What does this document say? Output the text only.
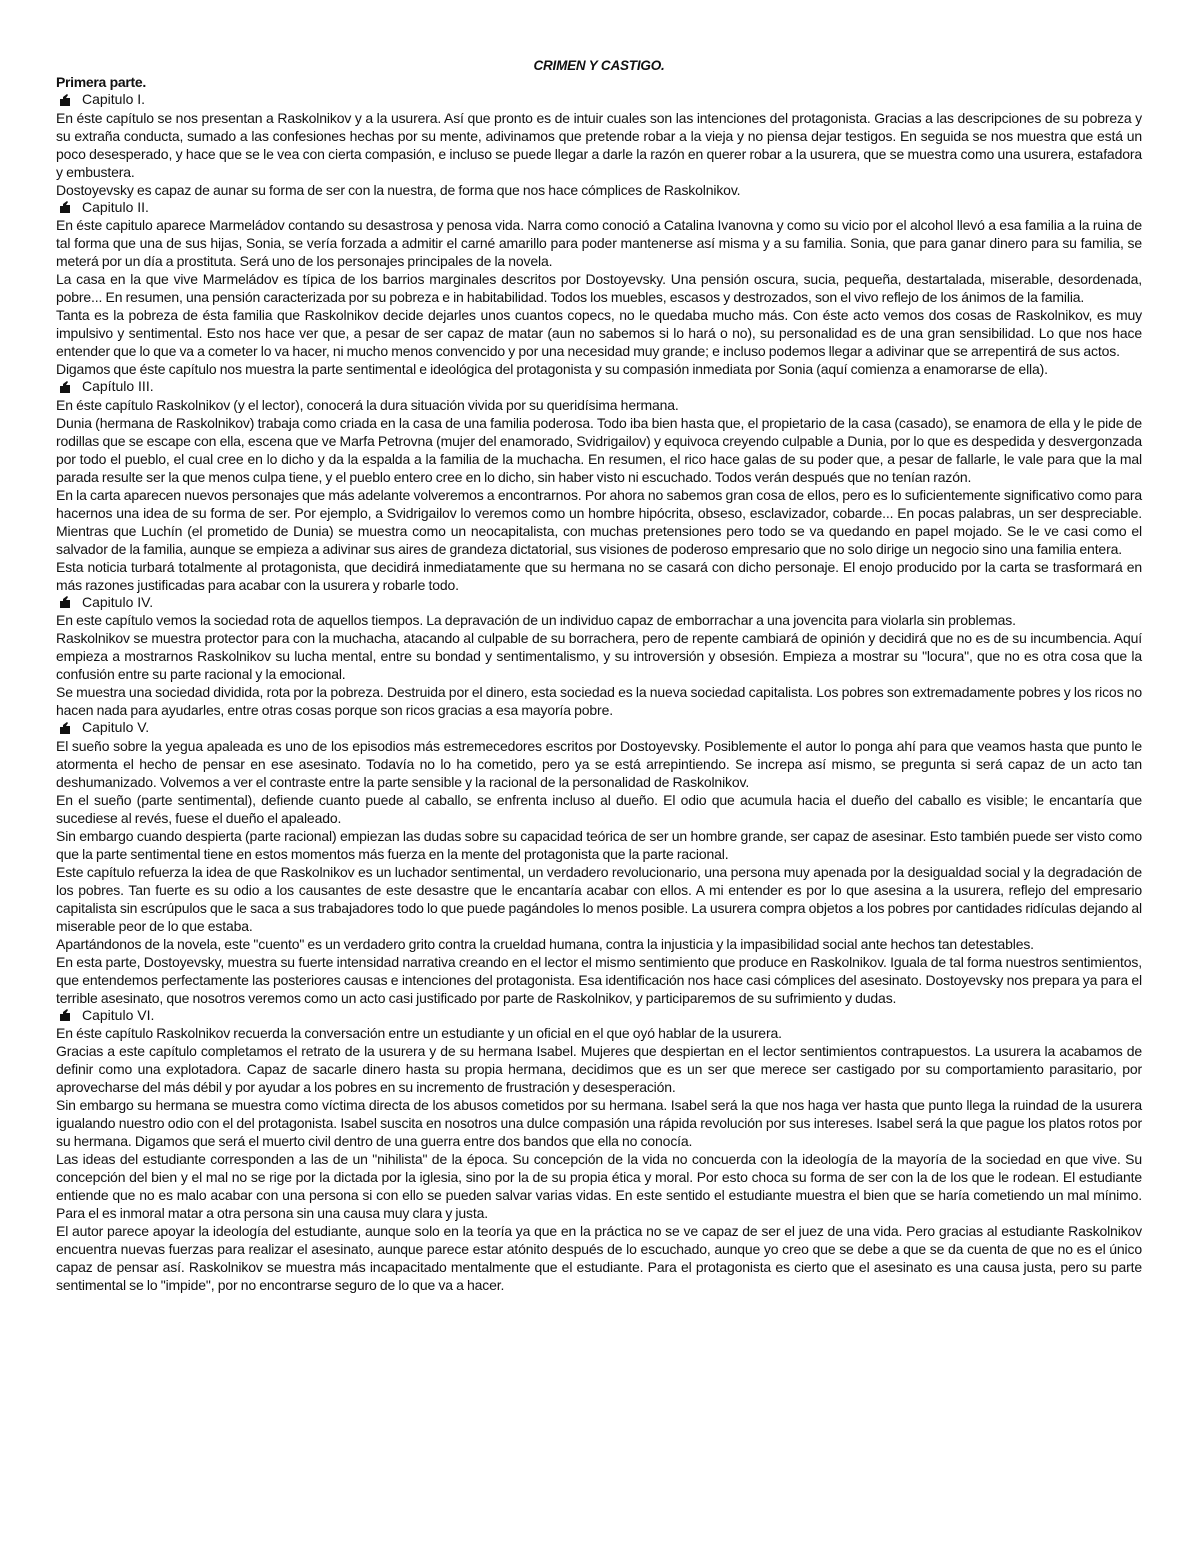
CRIMEN Y CASTIGO.
Primera parte.
Capitulo I.

En éste capítulo se nos presentan a Raskolnikov y a la usurera. Así que pronto es de intuir cuales son las intenciones del protagonista. Gracias a las descripciones de su pobreza y su extraña conducta, sumado a las confesiones hechas por su mente, adivinamos que pretende robar a la vieja y no piensa dejar testigos. En seguida se nos muestra que está un poco desesperado, y hace que se le vea con cierta compasión, e incluso se puede llegar a darle la razón en querer robar a la usurera, que se muestra como una usurera, estafadora y embustera.

Dostoyevsky es capaz de aunar su forma de ser con la nuestra, de forma que nos hace cómplices de Raskolnikov.

Capitulo II.

En éste capitulo aparece Marmeládov contando su desastrosa y penosa vida. Narra como conoció a Catalina Ivanovna y como su vicio por el alcohol llevó a esa familia a la ruina de tal forma que una de sus hijas, Sonia, se vería forzada a admitir el carné amarillo para poder mantenerse así misma y a su familia. Sonia, que para ganar dinero para su familia, se meterá por un día a prostituta. Será uno de los personajes principales de la novela.

La casa en la que vive Marmeládov es típica de los barrios marginales descritos por Dostoyevsky. Una pensión oscura, sucia, pequeña, destartalada, miserable, desordenada, pobre... En resumen, una pensión caracterizada por su pobreza e in habitabilidad. Todos los muebles, escasos y destrozados, son el vivo reflejo de los ánimos de la familia.

Tanta es la pobreza de ésta familia que Raskolnikov decide dejarles unos cuantos copecs, no le quedaba mucho más. Con éste acto vemos dos cosas de Raskolnikov, es muy impulsivo y sentimental. Esto nos hace ver que, a pesar de ser capaz de matar (aun no sabemos si lo hará o no), su personalidad es de una gran sensibilidad. Lo que nos hace entender que lo que va a cometer lo va hacer, ni mucho menos convencido y por una necesidad muy grande; e incluso podemos llegar a adivinar que se arrepentirá de sus actos.

Digamos que éste capítulo nos muestra la parte sentimental e ideológica del protagonista y su compasión inmediata por Sonia (aquí comienza a enamorarse de ella).

Capítulo III.

En éste capítulo Raskolnikov (y el lector), conocerá la dura situación vivida por su queridísima hermana.

Dunia (hermana de Raskolnikov) trabaja como criada en la casa de una familia poderosa. Todo iba bien hasta que, el propietario de la casa (casado), se enamora de ella y le pide de rodillas que se escape con ella, escena que ve Marfa Petrovna (mujer del enamorado, Svidrigailov) y equivoca creyendo culpable a Dunia, por lo que es despedida y desvergonzada por todo el pueblo, el cual cree en lo dicho y da la espalda a la familia de la muchacha. En resumen, el rico hace galas de su poder que, a pesar de fallarle, le vale para que la mal parada resulte ser la que menos culpa tiene, y el pueblo entero cree en lo dicho, sin haber visto ni escuchado. Todos verán después que no tenían razón.

En la carta aparecen nuevos personajes que más adelante volveremos a encontrarnos. Por ahora no sabemos gran cosa de ellos, pero es lo suficientemente significativo como para hacernos una idea de su forma de ser. Por ejemplo, a Svidrigailov lo veremos como un hombre hipócrita, obseso, esclavizador, cobarde... En pocas palabras, un ser despreciable. Mientras que Luchín (el prometido de Dunia) se muestra como un neocapitalista, con muchas pretensiones pero todo se va quedando en papel mojado. Se le ve casi como el salvador de la familia, aunque se empieza a adivinar sus aires de grandeza dictatorial, sus visiones de poderoso empresario que no solo dirige un negocio sino una familia entera.

Esta noticia turbará totalmente al protagonista, que decidirá inmediatamente que su hermana no se casará con dicho personaje. El enojo producido por la carta se trasformará en más razones justificadas para acabar con la usurera y robarle todo.

Capitulo IV.

En este capítulo vemos la sociedad rota de aquellos tiempos. La depravación de un individuo capaz de emborrachar a una jovencita para violarla sin problemas.

Raskolnikov se muestra protector para con la muchacha, atacando al culpable de su borrachera, pero de repente cambiará de opinión y decidirá que no es de su incumbencia. Aquí empieza a mostrarnos Raskolnikov su lucha mental, entre su bondad y sentimentalismo, y su introversión y obsesión. Empieza a mostrar su "locura", que no es otra cosa que la confusión entre su parte racional y la emocional.

Se muestra una sociedad dividida, rota por la pobreza. Destruida por el dinero, esta sociedad es la nueva sociedad capitalista. Los pobres son extremadamente pobres y los ricos no hacen nada para ayudarles, entre otras cosas porque son ricos gracias a esa mayoría pobre.

Capitulo V.

El sueño sobre la yegua apaleada es uno de los episodios más estremecedores escritos por Dostoyevsky. Posiblemente el autor lo ponga ahí para que veamos hasta que punto le atormenta el hecho de pensar en ese asesinato. Todavía no lo ha cometido, pero ya se está arrepintiendo. Se increpa así mismo, se pregunta si será capaz de un acto tan deshumanizado. Volvemos a ver el contraste entre la parte sensible y la racional de la personalidad de Raskolnikov.

En el sueño (parte sentimental), defiende cuanto puede al caballo, se enfrenta incluso al dueño. El odio que acumula hacia el dueño del caballo es visible; le encantaría que sucediese al revés, fuese el dueño el apaleado.

Sin embargo cuando despierta (parte racional) empiezan las dudas sobre su capacidad teórica de ser un hombre grande, ser capaz de asesinar. Esto también puede ser visto como que la parte sentimental tiene en estos momentos más fuerza en la mente del protagonista que la parte racional.

Este capítulo refuerza la idea de que Raskolnikov es un luchador sentimental, un verdadero revolucionario, una persona muy apenada por la desigualdad social y la degradación de los pobres. Tan fuerte es su odio a los causantes de este desastre que le encantaría acabar con ellos. A mi entender es por lo que asesina a la usurera, reflejo del empresario capitalista sin escrúpulos que le saca a sus trabajadores todo lo que puede pagándoles lo menos posible. La usurera compra objetos a los pobres por cantidades ridículas dejando al miserable peor de lo que estaba.

Apartándonos de la novela, este "cuento" es un verdadero grito contra la crueldad humana, contra la injusticia y la impasibilidad social ante hechos tan detestables.

En esta parte, Dostoyevsky, muestra su fuerte intensidad narrativa creando en el lector el mismo sentimiento que produce en Raskolnikov. Iguala de tal forma nuestros sentimientos, que entendemos perfectamente las posteriores causas e intenciones del protagonista. Esa identificación nos hace casi cómplices del asesinato. Dostoyevsky nos prepara ya para el terrible asesinato, que nosotros veremos como un acto casi justificado por parte de Raskolnikov, y participaremos de su sufrimiento y dudas.

Capitulo VI.

En éste capítulo Raskolnikov recuerda la conversación entre un estudiante y un oficial en el que oyó hablar de la usurera.

Gracias a este capítulo completamos el retrato de la usurera y de su hermana Isabel. Mujeres que despiertan en el lector sentimientos contrapuestos. La usurera la acabamos de definir como una explotadora. Capaz de sacarle dinero hasta su propia hermana, decidimos que es un ser que merece ser castigado por su comportamiento parasitario, por aprovecharse del más débil y por ayudar a los pobres en su incremento de frustración y desesperación.

Sin embargo su hermana se muestra como víctima directa de los abusos cometidos por su hermana. Isabel será la que nos haga ver hasta que punto llega la ruindad de la usurera igualando nuestro odio con el del protagonista. Isabel suscita en nosotros una dulce compasión una rápida revolución por sus intereses. Isabel será la que pague los platos rotos por su hermana. Digamos que será el muerto civil dentro de una guerra entre dos bandos que ella no conocía.

Las ideas del estudiante corresponden a las de un "nihilista" de la época. Su concepción de la vida no concuerda con la ideología de la mayoría de la sociedad en que vive. Su concepción del bien y el mal no se rige por la dictada por la iglesia, sino por la de su propia ética y moral. Por esto choca su forma de ser con la de los que le rodean. El estudiante entiende que no es malo acabar con una persona si con ello se pueden salvar varias vidas. En este sentido el estudiante muestra el bien que se haría cometiendo un mal mínimo. Para el es inmoral matar a otra persona sin una causa muy clara y justa.

El autor parece apoyar la ideología del estudiante, aunque solo en la teoría ya que en la práctica no se ve capaz de ser el juez de una vida. Pero gracias al estudiante Raskolnikov encuentra nuevas fuerzas para realizar el asesinato, aunque parece estar atónito después de lo escuchado, aunque yo creo que se debe a que se da cuenta de que no es el único capaz de pensar así. Raskolnikov se muestra más incapacitado mentalmente que el estudiante. Para el protagonista es cierto que el asesinato es una causa justa, pero su parte sentimental se lo "impide", por no encontrarse seguro de lo que va a hacer.
